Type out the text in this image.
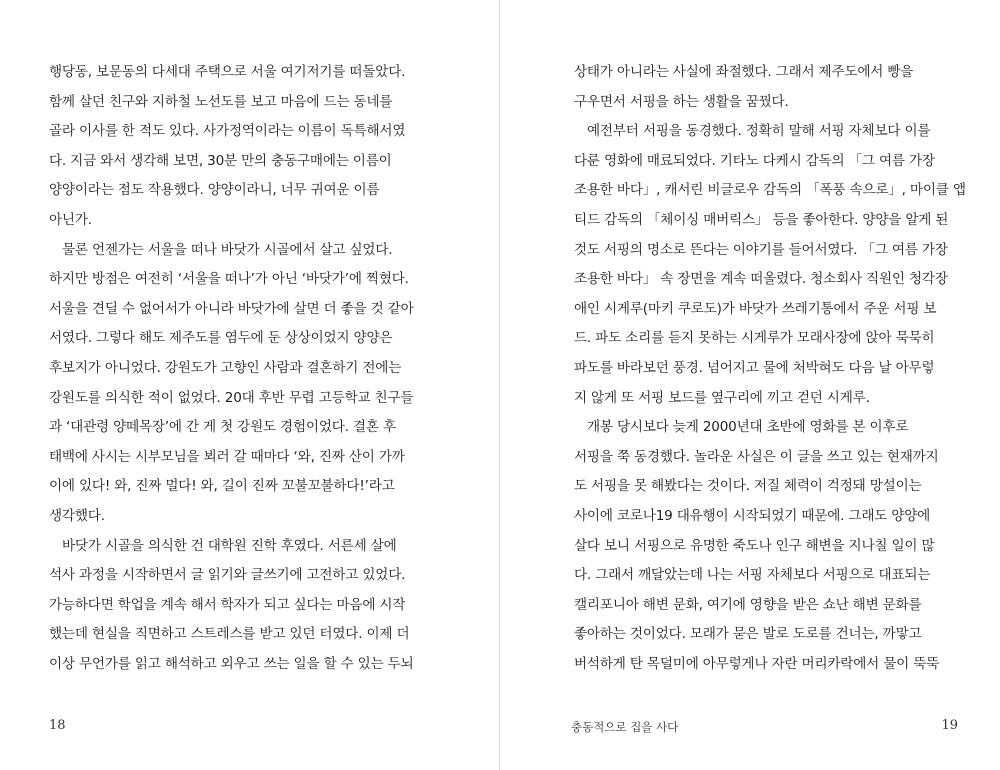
행당동, 보문동의 다세대 주택으로 서울 여기저기를 떠돌았다.
함께 살던 친구와 지하철 노선도를 보고 마음에 드는 동네를
골라 이사를 한 적도 있다. 사가정역이라는 이름이 독특해서였
다. 지금 와서 생각해 보면, 30분 만의 충동구매에는 이름이
양양이라는 점도 작용했다. 양양이라니, 너무 귀여운 이름
아닌가.
물론 언젠가는 서울을 떠나 바닷가 시골에서 살고 싶었다.
하지만 방점은 여전히 ‘서울을 떠나’가 아닌 ‘바닷가’에 찍혔다.
서울을 견딜 수 없어서가 아니라 바닷가에 살면 더 좋을 것 같아
서였다. 그렇다 해도 제주도를 염두에 둔 상상이었지 양양은
후보지가 아니었다. 강원도가 고향인 사람과 결혼하기 전에는
강원도를 의식한 적이 없었다. 20대 후반 무렵 고등학교 친구들
과 ‘대관령 양떼목장’에 간 게 첫 강원도 경험이었다. 결혼 후
태백에 사시는 시부모님을 뵈러 갈 때마다 ‘와, 진짜 산이 가까
이에 있다! 와, 진짜 멀다! 와, 길이 진짜 꼬불꼬불하다!’라고
생각했다.
바닷가 시골을 의식한 건 대학원 진학 후였다. 서른세 살에
석사 과정을 시작하면서 글 읽기와 글쓰기에 고전하고 있었다.
가능하다면 학업을 계속 해서 학자가 되고 싶다는 마음에 시작
했는데 현실을 직면하고 스트레스를 받고 있던 터였다. 이제 더
이상 무언가를 읽고 해석하고 외우고 쓰는 일을 할 수 있는 두뇌
18
상태가 아니라는 사실에 좌절했다. 그래서 제주도에서 빵을
구우면서 서핑을 하는 생활을 꿈꿨다.
예전부터 서핑을 동경했다. 정확히 말해 서핑 자체보다 이를
다룬 영화에 매료되었다. 기타노 다케시 감독의 「그 여름 가장
조용한 바다」, 캐서린 비글로우 감독의 「폭풍 속으로」, 마이클 앱
티드 감독의 「체이싱 매버릭스」 등을 좋아한다. 양양을 알게 된
것도 서핑의 명소로 뜬다는 이야기를 들어서였다. 「그 여름 가장
조용한 바다」 속 장면을 계속 떠올렸다. 청소회사 직원인 청각장
애인 시게루(마키 쿠로도)가 바닷가 쓰레기통에서 주운 서핑 보
드. 파도 소리를 듣지 못하는 시게루가 모래사장에 앉아 묵묵히
파도를 바라보던 풍경. 넘어지고 물에 처박혀도 다음 날 아무렇
지 않게 또 서핑 보드를 옆구리에 끼고 걷던 시게루.
개봉 당시보다 늦게 2000년대 초반에 영화를 본 이후로
서핑을 쭉 동경했다. 놀라운 사실은 이 글을 쓰고 있는 현재까지
도 서핑을 못 해봤다는 것이다. 저질 체력이 걱정돼 망설이는
사이에 코로나19 대유행이 시작되었기 때문에. 그래도 양양에
살다 보니 서핑으로 유명한 죽도나 인구 해변을 지나칠 일이 많
다. 그래서 깨달았는데 나는 서핑 자체보다 서핑으로 대표되는
캘리포니아 해변 문화, 여기에 영향을 받은 쇼난 해변 문화를
좋아하는 것이었다. 모래가 묻은 발로 도로를 건너는, 까맣고
버석하게 탄 목덜미에 아무렇게나 자란 머리카락에서 물이 뚝뚝
충동적으로 집을 사다	19
